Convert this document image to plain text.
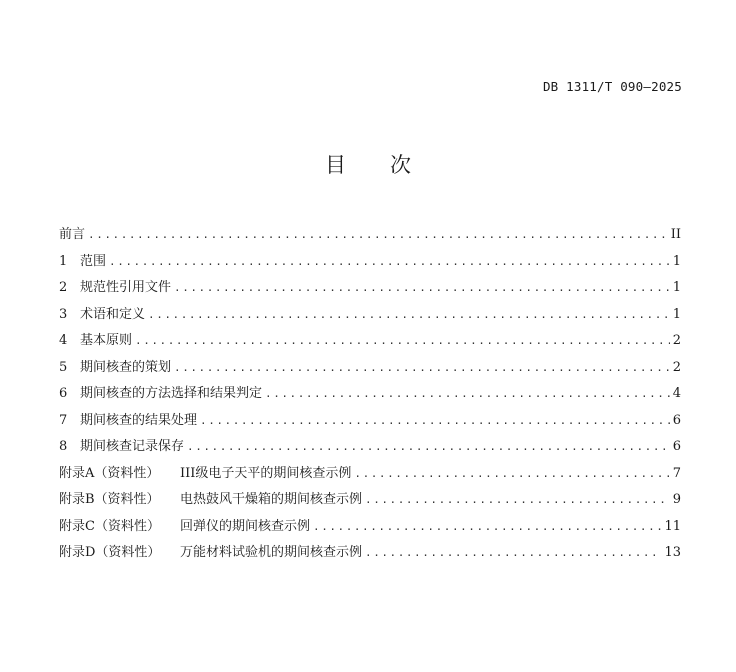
DB 1311/T 090—2025
目 次
前言 .....	II
1 范围 .....	1
2 规范性引用文件 .....	1
3 术语和定义 .....	1
4 基本原则 .....	2
5 期间核查的策划 .....	2
6 期间核查的方法选择和结果判定 .....	4
7 期间核查的结果处理 .....	6
8 期间核查记录保存 .....	6
附录A（资料性）	III级电子天平的期间核查示例 .....	7
附录B（资料性）	电热鼓风干燥箱的期间核查示例 .....	9
附录C（资料性）	回弹仪的期间核查示例 .....	11
附录D（资料性）	万能材料试验机的期间核查示例 .....	13
